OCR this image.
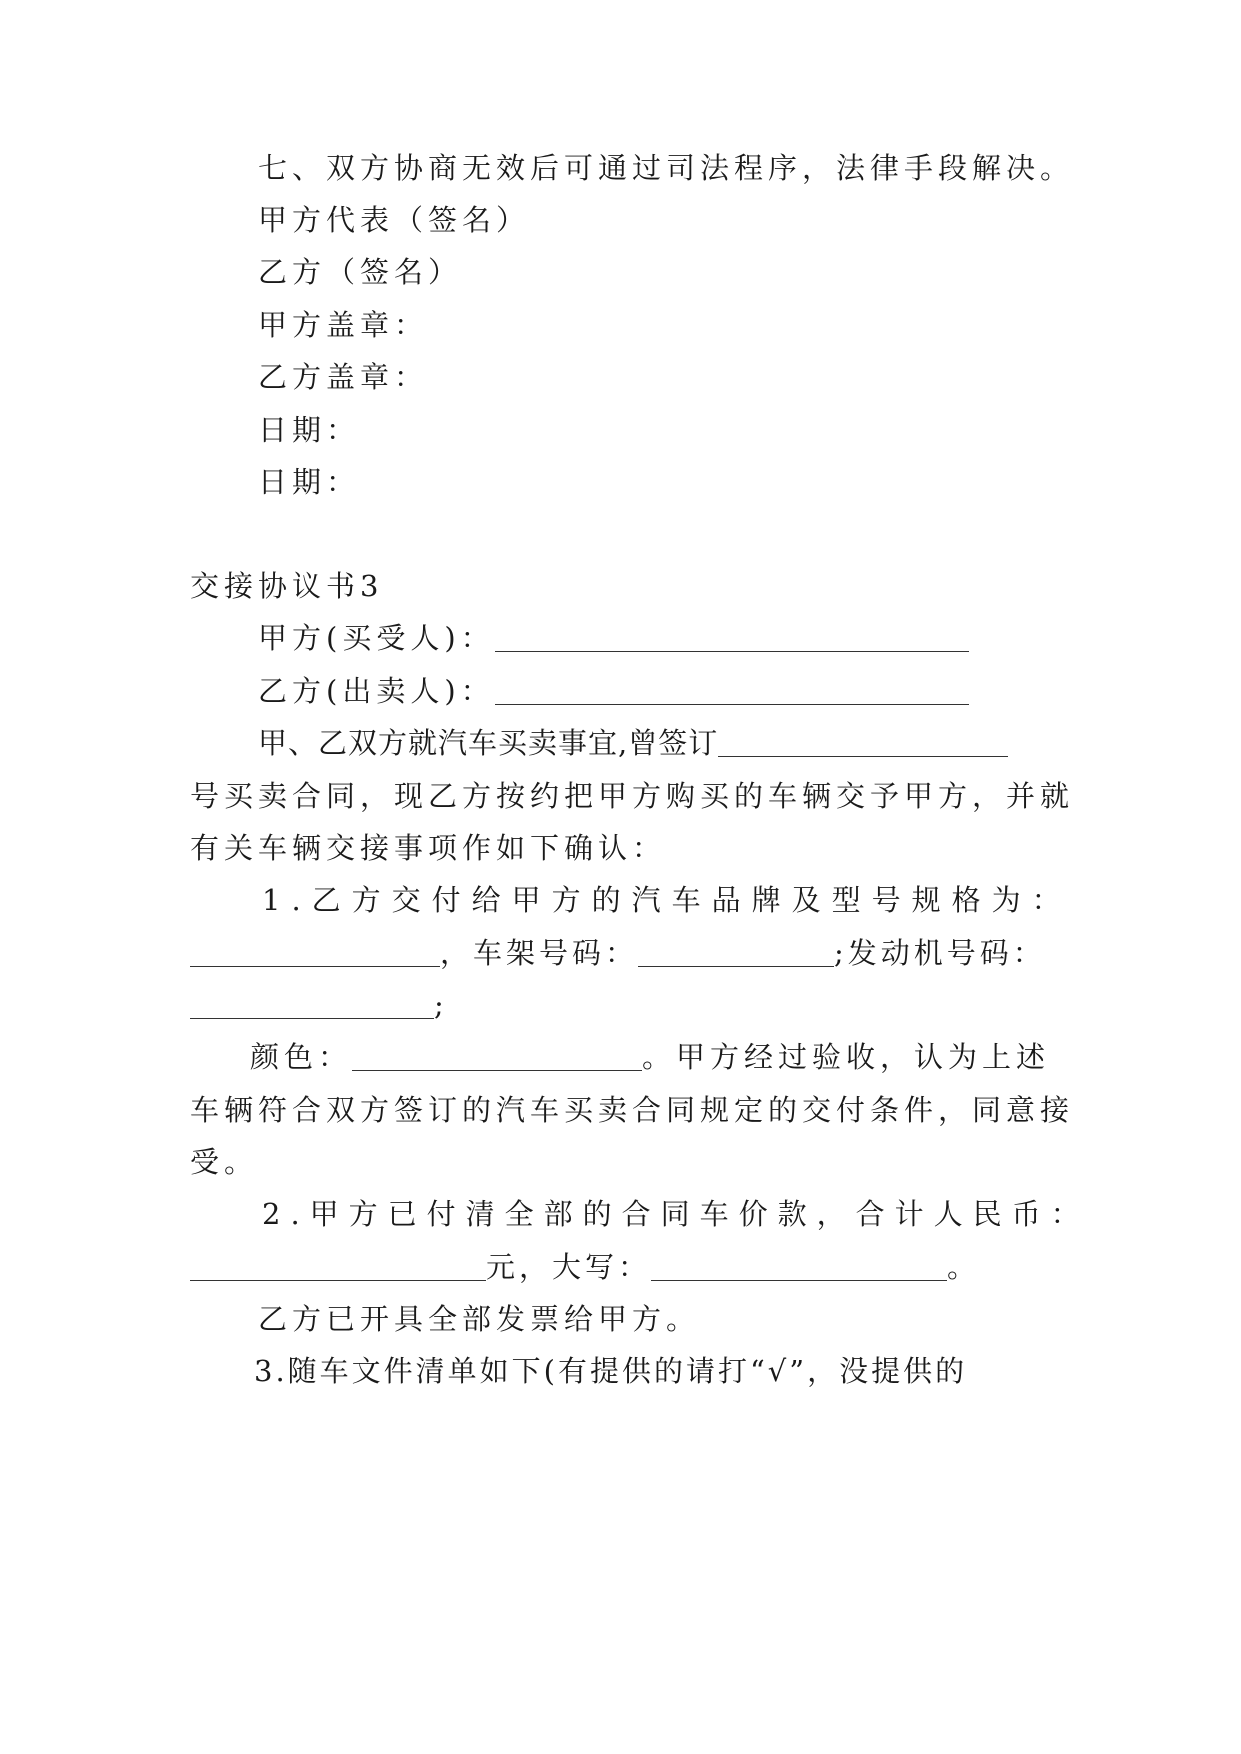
七、双方协商无效后可通过司法程序，法律手段解决。
甲方代表（签名）
乙方（签名）
甲方盖章：
乙方盖章：
日期：
日期：
交接协议书3
甲方(买受人)：
乙方(出卖人)：
甲、乙双方就汽车买卖事宜,曾签订
号买卖合同，现乙方按约把甲方购买的车辆交予甲方，并就
有关车辆交接事项作如下确认：
1.乙方交付给甲方的汽车品牌及型号规格为：
，车架号码：	;发动机号码：
;
颜色：	。甲方经过验收，认为上述
车辆符合双方签订的汽车买卖合同规定的交付条件，同意接
受。
2.甲方已付清全部的合同车价款，合计人民币：
元，大写：	。
乙方已开具全部发票给甲方。
3.随车文件清单如下(有提供的请打“√”，没提供的
